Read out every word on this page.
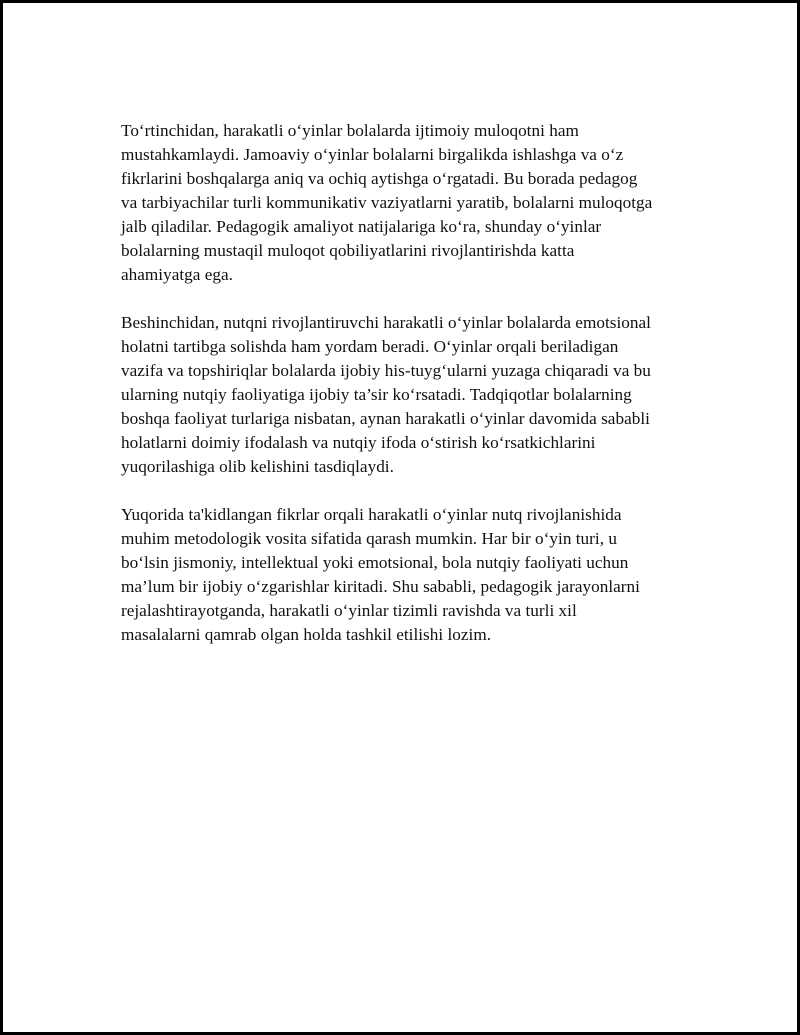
To‘rtinchidan, harakatli o‘yinlar bolalarda ijtimoiy muloqotni ham
mustahkamlaydi. Jamoaviy o‘yinlar bolalarni birgalikda ishlashga va o‘z
fikrlarini boshqalarga aniq va ochiq aytishga o‘rgatadi. Bu borada pedagog
va tarbiyachilar turli kommunikativ vaziyatlarni yaratib, bolalarni muloqotga
jalb qiladilar. Pedagogik amaliyot natijalariga ko‘ra, shunday o‘yinlar
bolalarning mustaqil muloqot qobiliyatlarini rivojlantirishda katta
ahamiyatga ega.

Beshinchidan, nutqni rivojlantiruvchi harakatli o‘yinlar bolalarda emotsional
holatni tartibga solishda ham yordam beradi. O‘yinlar orqali beriladigan
vazifa va topshiriqlar bolalarda ijobiy his-tuyg‘ularni yuzaga chiqaradi va bu
ularning nutqiy faoliyatiga ijobiy ta’sir ko‘rsatadi. Tadqiqotlar bolalarning
boshqa faoliyat turlariga nisbatan, aynan harakatli o‘yinlar davomida sababli
holatlarni doimiy ifodalash va nutqiy ifoda o‘stirish ko‘rsatkichlarini
yuqorilashiga olib kelishini tasdiqlaydi.

Yuqorida ta'kidlangan fikrlar orqali harakatli o‘yinlar nutq rivojlanishida
muhim metodologik vosita sifatida qarash mumkin. Har bir o‘yin turi, u
bo‘lsin jismoniy, intellektual yoki emotsional, bola nutqiy faoliyati uchun
ma’lum bir ijobiy o‘zgarishlar kiritadi. Shu sababli, pedagogik jarayonlarni
rejalashtirayotganda, harakatli o‘yinlar tizimli ravishda va turli xil
masalalarni qamrab olgan holda tashkil etilishi lozim.
